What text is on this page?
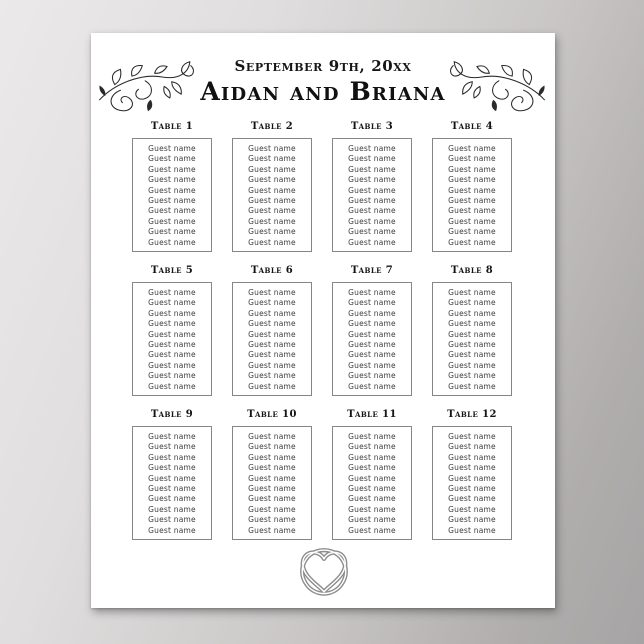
September 9th, 20xx
Aidan and Briana
Table 1
Guest name
Guest name
Guest name
Guest name
Guest name
Guest name
Guest name
Guest name
Guest name
Guest name
Table 2
Guest name
Guest name
Guest name
Guest name
Guest name
Guest name
Guest name
Guest name
Guest name
Guest name
Table 3
Guest name
Guest name
Guest name
Guest name
Guest name
Guest name
Guest name
Guest name
Guest name
Guest name
Table 4
Guest name
Guest name
Guest name
Guest name
Guest name
Guest name
Guest name
Guest name
Guest name
Guest name
Table 5
Guest name
Guest name
Guest name
Guest name
Guest name
Guest name
Guest name
Guest name
Guest name
Guest name
Table 6
Guest name
Guest name
Guest name
Guest name
Guest name
Guest name
Guest name
Guest name
Guest name
Guest name
Table 7
Guest name
Guest name
Guest name
Guest name
Guest name
Guest name
Guest name
Guest name
Guest name
Guest name
Table 8
Guest name
Guest name
Guest name
Guest name
Guest name
Guest name
Guest name
Guest name
Guest name
Guest name
Table 9
Guest name
Guest name
Guest name
Guest name
Guest name
Guest name
Guest name
Guest name
Guest name
Guest name
Table 10
Guest name
Guest name
Guest name
Guest name
Guest name
Guest name
Guest name
Guest name
Guest name
Guest name
Table 11
Guest name
Guest name
Guest name
Guest name
Guest name
Guest name
Guest name
Guest name
Guest name
Guest name
Table 12
Guest name
Guest name
Guest name
Guest name
Guest name
Guest name
Guest name
Guest name
Guest name
Guest name
